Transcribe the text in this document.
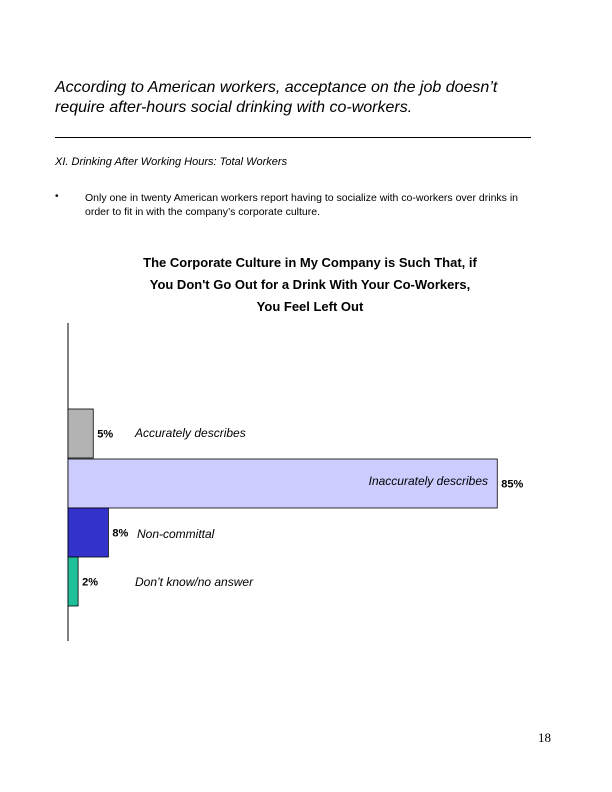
According to American workers, acceptance on the job doesn’t
require after-hours social drinking with co-workers.
XI. Drinking After Working Hours: Total Workers
•	Only one in twenty American workers report having to socialize with co-workers over drinks in order to fit in with the company’s corporate culture.
The Corporate Culture in My Company is Such That, if
You Don't Go Out for a Drink With Your Co-Workers,
You Feel Left Out
5%
85%
8%
2%
Accurately describes
Inaccurately describes
Non-committal
Don’t know/no answer
18
